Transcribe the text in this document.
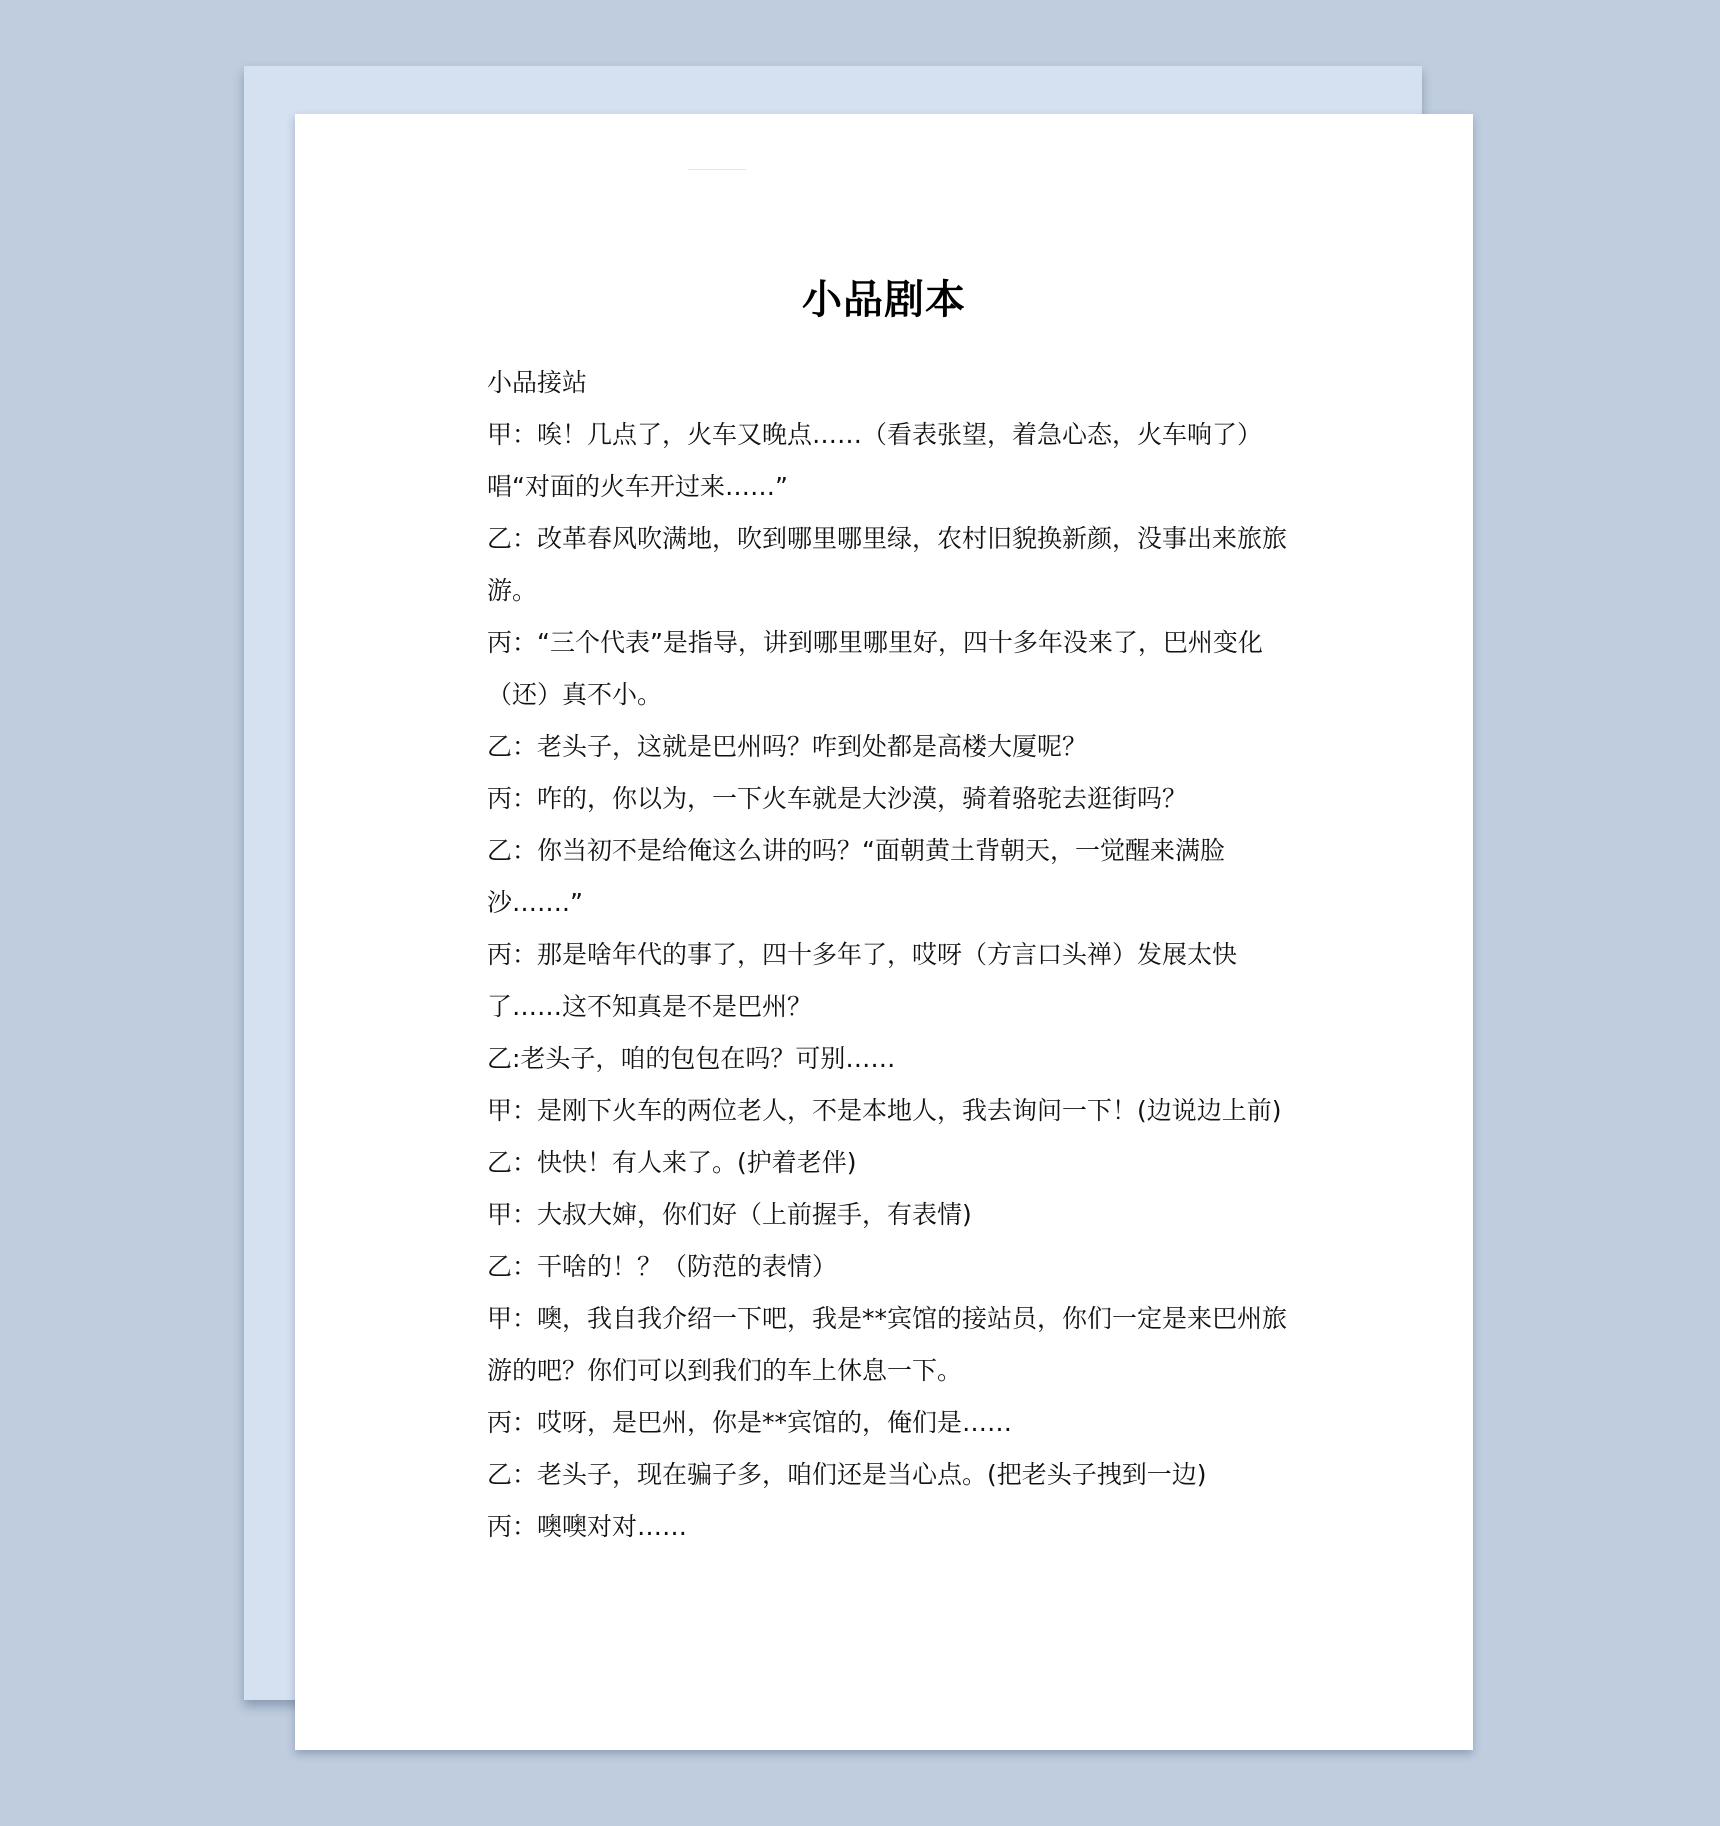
小品剧本
小品接站
甲：唉！几点了，火车又晚点……（看表张望，着急心态，火车响了）唱“对面的火车开过来……”
乙：改革春风吹满地，吹到哪里哪里绿，农村旧貌换新颜，没事出来旅旅游。
丙：“三个代表”是指导，讲到哪里哪里好，四十多年没来了，巴州变化（还）真不小。
乙：老头子，这就是巴州吗？咋到处都是高楼大厦呢？
丙：咋的，你以为，一下火车就是大沙漠，骑着骆驼去逛街吗？
乙：你当初不是给俺这么讲的吗？“面朝黄土背朝天，一觉醒来满脸沙…….”
丙：那是啥年代的事了，四十多年了，哎呀（方言口头禅）发展太快了……这不知真是不是巴州？
乙:老头子，咱的包包在吗？可别……
甲：是刚下火车的两位老人，不是本地人，我去询问一下！(边说边上前)
乙：快快！有人来了。(护着老伴)
甲：大叔大婶，你们好（上前握手，有表情)
乙：干啥的！？（防范的表情）
甲：噢，我自我介绍一下吧，我是**宾馆的接站员，你们一定是来巴州旅游的吧？你们可以到我们的车上休息一下。
丙：哎呀，是巴州，你是**宾馆的，俺们是……
乙：老头子，现在骗子多，咱们还是当心点。(把老头子拽到一边)
丙：噢噢对对……
